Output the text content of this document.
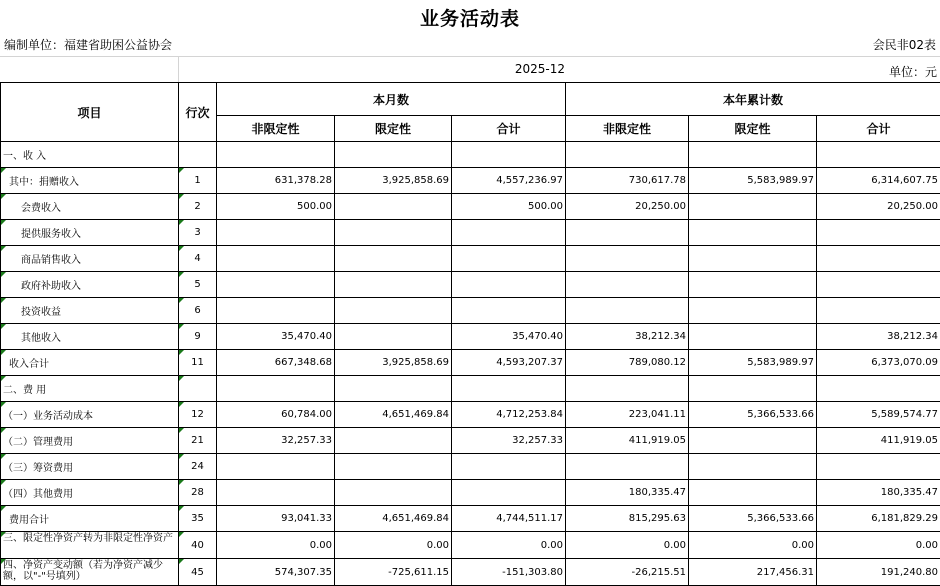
业务活动表
编制单位：福建省助困公益协会	会民非02表
2025-12	单位：元
项目	行次	本月数			本年累计数		
		非限定性	限定性	合计	非限定性	限定性	合计
一、收 入							
其中：捐赠收入	1	631,378.28	3,925,858.69	4,557,236.97	730,617.78	5,583,989.97	6,314,607.75
会费收入	2	500.00		500.00	20,250.00		20,250.00
提供服务收入	3

商品销售收入	4

政府补助收入	5

投资收益	6

其他收入	9	35,470.40		35,470.40	38,212.34		38,212.34
收入合计	11	667,348.68	3,925,858.69	4,593,207.37	789,080.12	5,583,989.97	6,373,070.09
二、费 用

（一）业务活动成本	12	60,784.00	4,651,469.84	4,712,253.84	223,041.11	5,366,533.66	5,589,574.77
（二）管理费用	21	32,257.33		32,257.33	411,919.05		411,919.05
（三）筹资费用	24

（四）其他费用	28				180,335.47		180,335.47
费用合计	35	93,041.33	4,651,469.84	4,744,511.17	815,295.63	5,366,533.66	6,181,829.29
三、限定性净资产转为非限定性净资产	40	0.00	0.00	0.00	0.00	0.00	0.00
四、净资产变动额（若为净资产减少额，以"-"号填列）	45	574,307.35	-725,611.15	-151,303.80	-26,215.51	217,456.31	191,240.80
